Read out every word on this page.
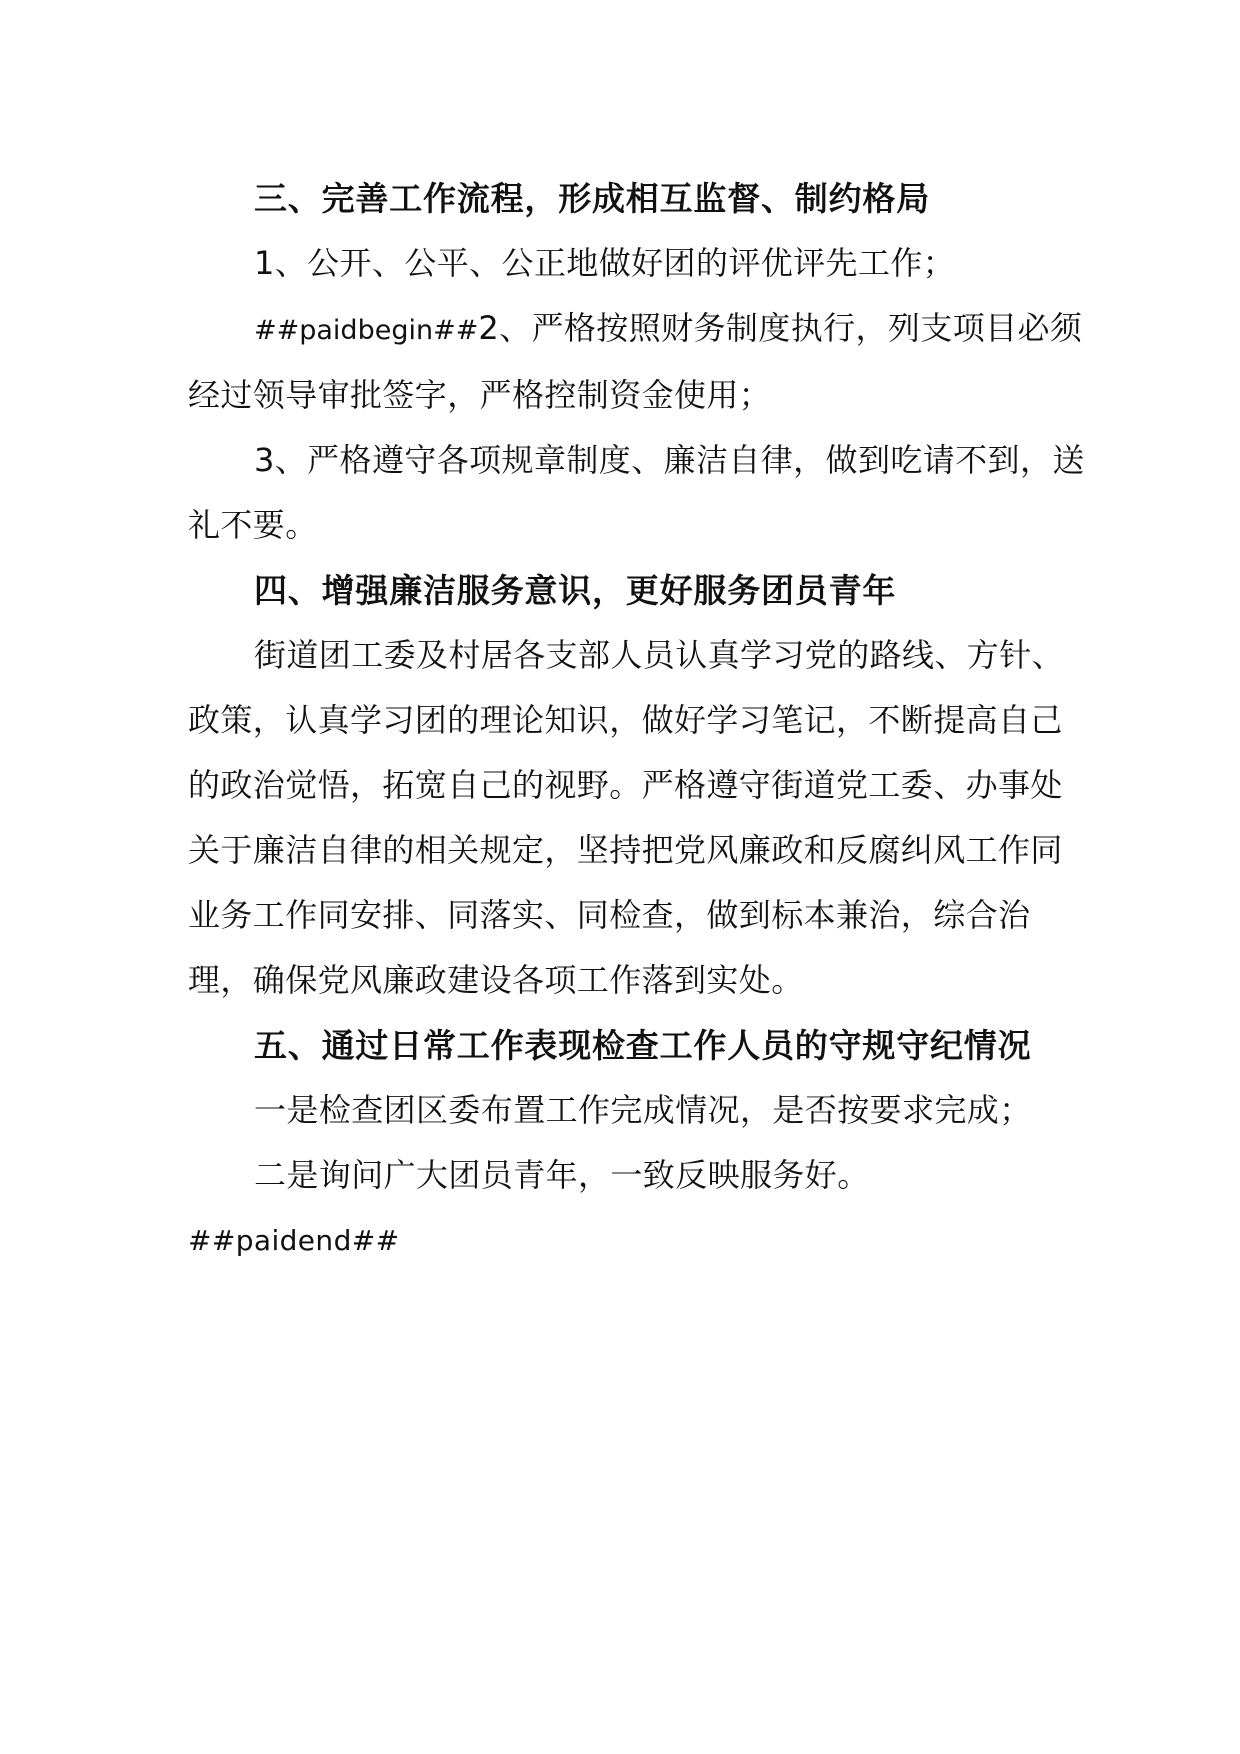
三、完善工作流程，形成相互监督、制约格局

1、公开、公平、公正地做好团的评优评先工作；

##paidbegin##2、严格按照财务制度执行，列支项目必须经过领导审批签字，严格控制资金使用；

3、严格遵守各项规章制度、廉洁自律，做到吃请不到，送礼不要。

四、增强廉洁服务意识，更好服务团员青年

街道团工委及村居各支部人员认真学习党的路线、方针、政策，认真学习团的理论知识，做好学习笔记，不断提高自己的政治觉悟，拓宽自己的视野。严格遵守街道党工委、办事处关于廉洁自律的相关规定，坚持把党风廉政和反腐纠风工作同业务工作同安排、同落实、同检查，做到标本兼治，综合治理，确保党风廉政建设各项工作落到实处。

五、通过日常工作表现检查工作人员的守规守纪情况

一是检查团区委布置工作完成情况，是否按要求完成；

二是询问广大团员青年，一致反映服务好。

##paidend##
